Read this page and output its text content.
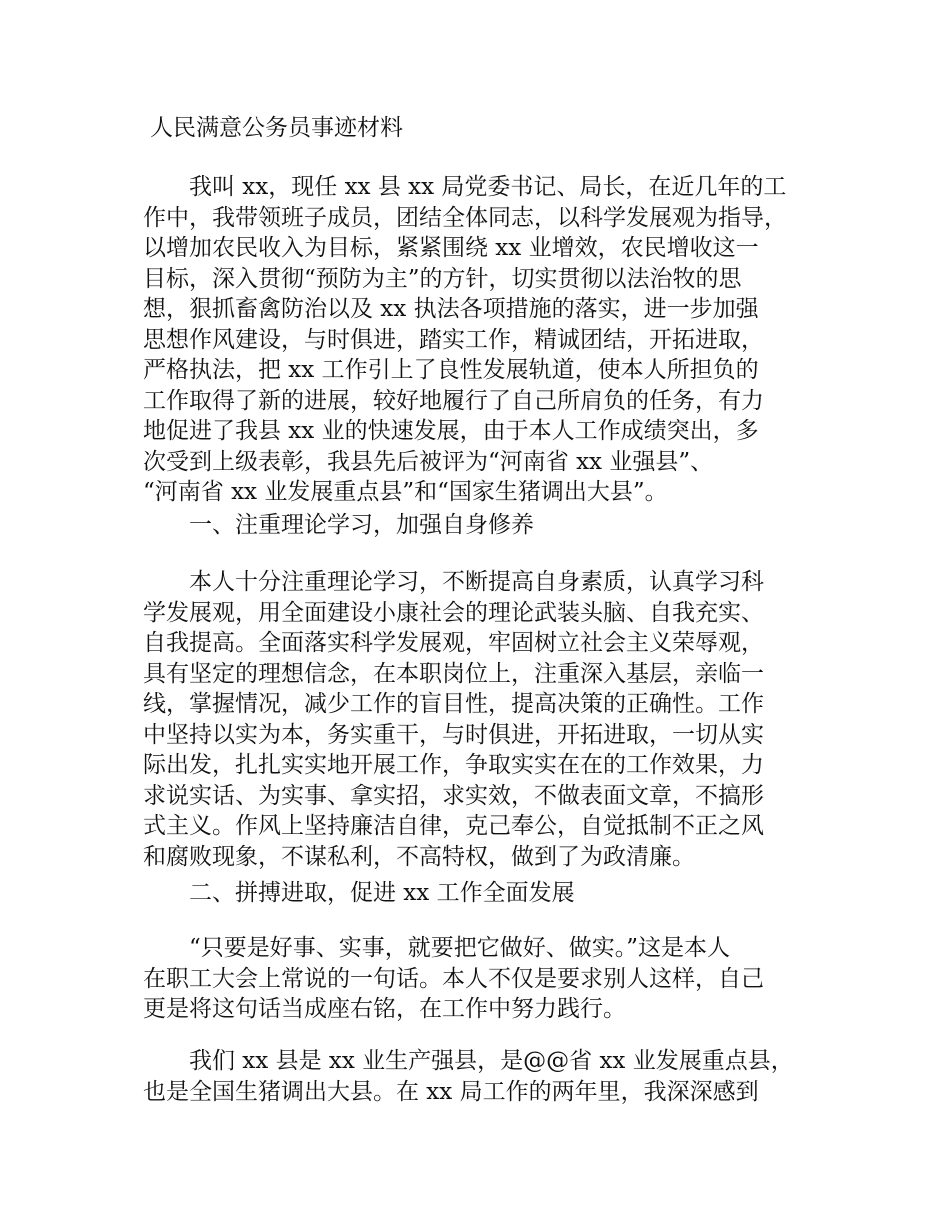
人民满意公务员事迹材料
我叫 xx，现任 xx 县 xx 局党委书记、局长，在近几年的工
作中，我带领班子成员，团结全体同志，以科学发展观为指导，
以增加农民收入为目标，紧紧围绕 xx 业增效，农民增收这一
目标，深入贯彻“预防为主”的方针，切实贯彻以法治牧的思
想，狠抓畜禽防治以及 xx 执法各项措施的落实，进一步加强
思想作风建设，与时俱进，踏实工作，精诚团结，开拓进取，
严格执法，把 xx 工作引上了良性发展轨道，使本人所担负的
工作取得了新的进展，较好地履行了自己所肩负的任务，有力
地促进了我县 xx 业的快速发展，由于本人工作成绩突出，多
次受到上级表彰，我县先后被评为“河南省 xx 业强县”、
“河南省 xx 业发展重点县”和“国家生猪调出大县”。
一、注重理论学习，加强自身修养
本人十分注重理论学习，不断提高自身素质，认真学习科
学发展观，用全面建设小康社会的理论武装头脑、自我充实、
自我提高。全面落实科学发展观，牢固树立社会主义荣辱观，
具有坚定的理想信念，在本职岗位上，注重深入基层，亲临一
线，掌握情况，减少工作的盲目性，提高决策的正确性。工作
中坚持以实为本，务实重干，与时俱进，开拓进取，一切从实
际出发，扎扎实实地开展工作，争取实实在在的工作效果，力
求说实话、为实事、拿实招，求实效，不做表面文章，不搞形
式主义。作风上坚持廉洁自律，克己奉公，自觉抵制不正之风
和腐败现象，不谋私利，不高特权，做到了为政清廉。
二、拼搏进取，促进 xx 工作全面发展
“只要是好事、实事，就要把它做好、做实。”这是本人
在职工大会上常说的一句话。本人不仅是要求别人这样，自己
更是将这句话当成座右铭，在工作中努力践行。
我们 xx 县是 xx 业生产强县，是@@省 xx 业发展重点县，
也是全国生猪调出大县。在 xx 局工作的两年里，我深深感到
